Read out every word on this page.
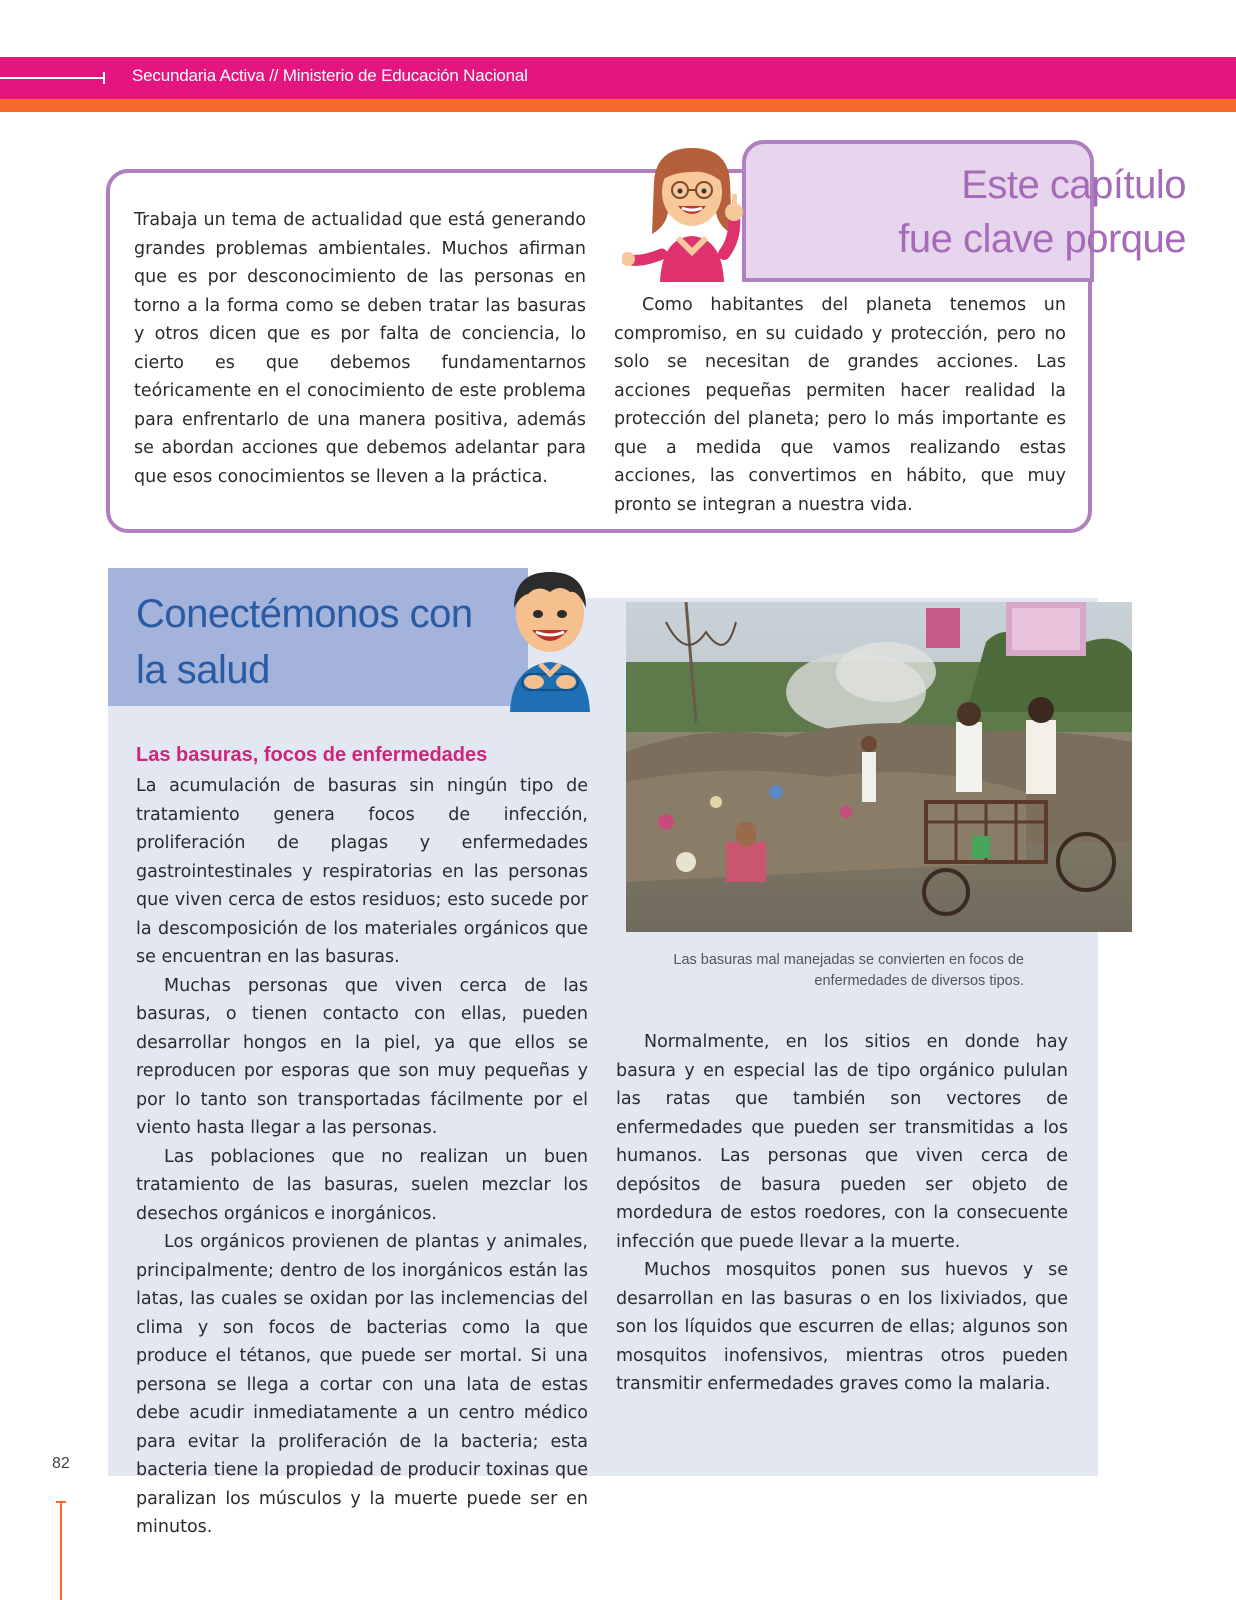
Secundaria Activa // Ministerio de Educación Nacional
Este capítulo
fue clave porque

Trabaja un tema de actualidad que está generando grandes problemas ambientales. Muchos afirman que es por desconocimiento de las personas en torno a la forma como se deben tratar las basuras y otros dicen que es por falta de conciencia, lo cierto es que debemos fundamentarnos teóricamente en el conocimiento de este problema para enfrentarlo de una manera positiva, además se abordan acciones que debemos adelantar para que esos conocimientos se lleven a la práctica.

Como habitantes del planeta tenemos un compromiso, en su cuidado y protección, pero no solo se necesitan de grandes acciones. Las acciones pequeñas permiten hacer realidad la protección del planeta; pero lo más importante es que a medida que vamos realizando estas acciones, las convertimos en hábito, que muy pronto se integran a nuestra vida.

Conectémonos con
la salud
Las basuras, focos de enfermedades

La acumulación de basuras sin ningún tipo de tratamiento genera focos de infección, proliferación de plagas y enfermedades gastrointestinales y respiratorias en las personas que viven cerca de estos residuos; esto sucede por la descomposición de los materiales orgánicos que se encuentran en las basuras.

Muchas personas que viven cerca de las basuras, o tienen contacto con ellas, pueden desarrollar hongos en la piel, ya que ellos se reproducen por esporas que son muy pequeñas y por lo tanto son transportadas fácilmente por el viento hasta llegar a las personas.

Las poblaciones que no realizan un buen tratamiento de las basuras, suelen mezclar los desechos orgánicos e inorgánicos.

Los orgánicos provienen de plantas y animales, principalmente; dentro de los inorgánicos están las latas, las cuales se oxidan por las inclemencias del clima y son focos de bacterias como la que produce el tétanos, que puede ser mortal. Si una persona se llega a cortar con una lata de estas debe acudir inmediatamente a un centro médico para evitar la proliferación de la bacteria; esta bacteria tiene la propiedad de producir toxinas que paralizan los músculos y la muerte puede ser en minutos.

Las basuras mal manejadas se convierten en focos de
enfermedades de diversos tipos.

Normalmente, en los sitios en donde hay basura y en especial las de tipo orgánico pululan las ratas que también son vectores de enfermedades que pueden ser transmitidas a los humanos. Las personas que viven cerca de depósitos de basura pueden ser objeto de mordedura de estos roedores, con la consecuente infección que puede llevar a la muerte.

Muchos mosquitos ponen sus huevos y se desarrollan en las basuras o en los lixiviados, que son los líquidos que escurren de ellas; algunos son mosquitos inofensivos, mientras otros pueden transmitir enfermedades graves como la malaria.

82
